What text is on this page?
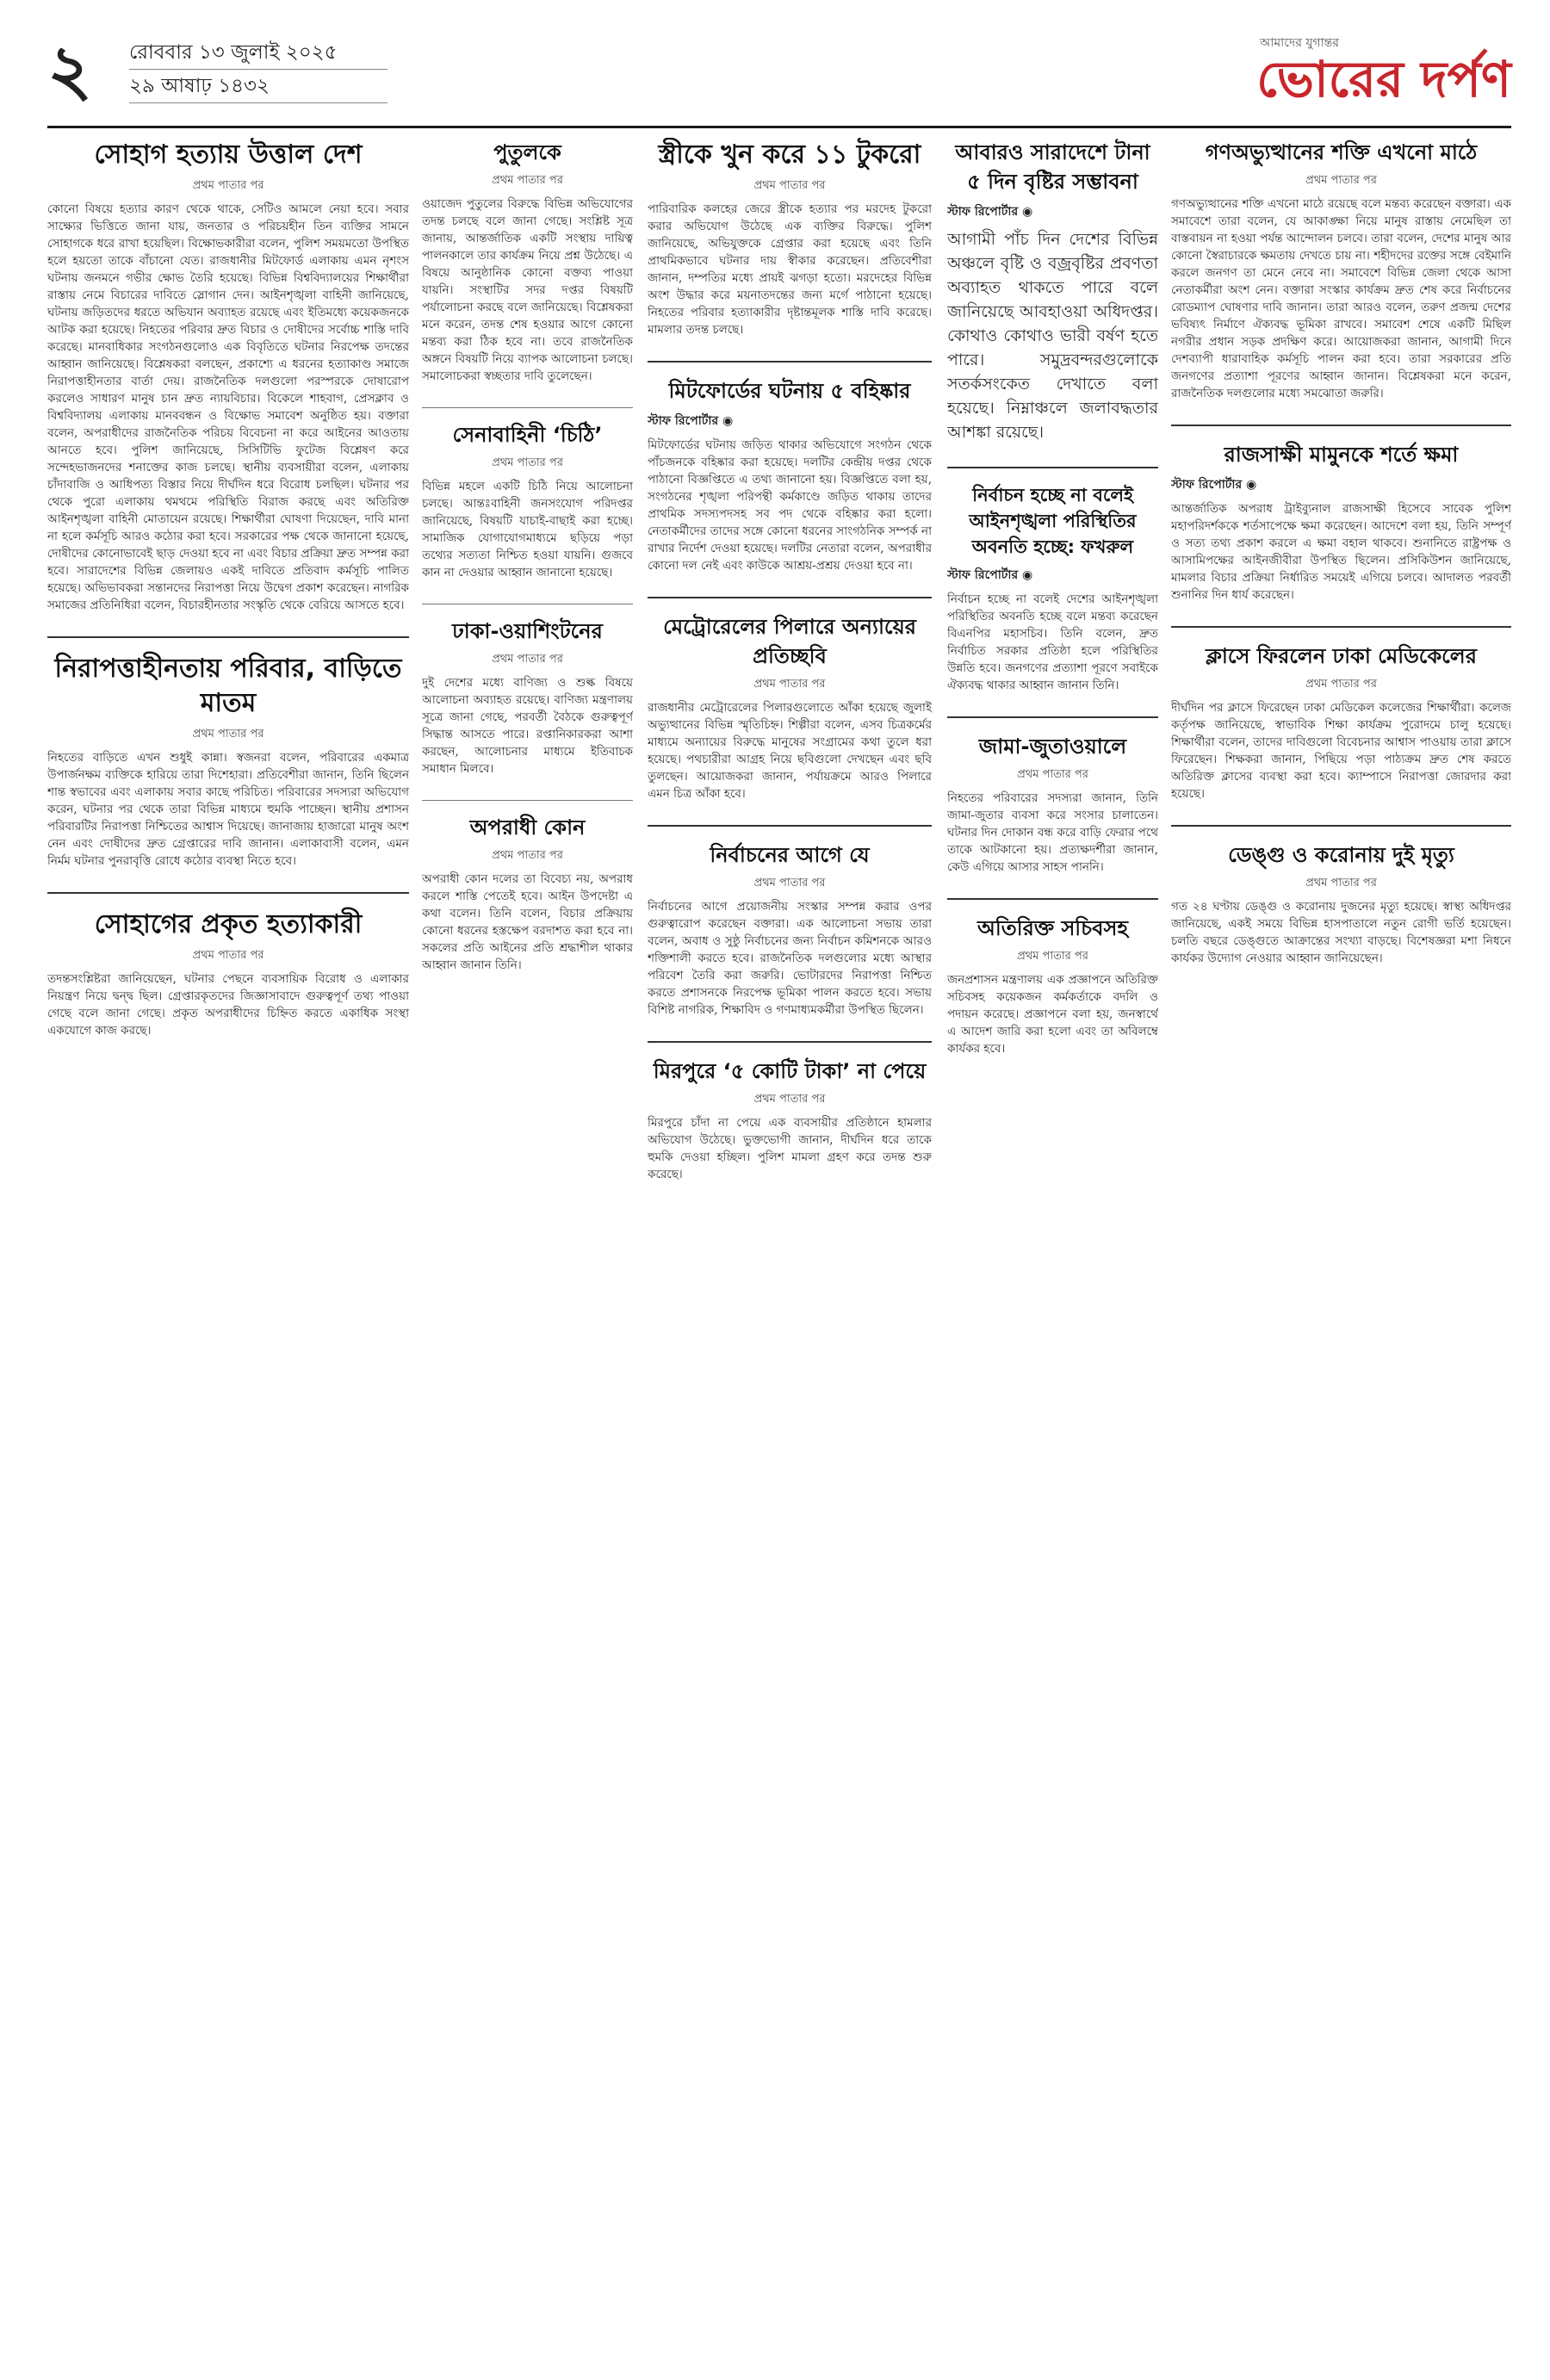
২	রোববার ১৩ জুলাই ২০২৫
২৯ আষাঢ় ১৪৩২
আমাদের যুগান্তর
ভোরের দর্পণ
সোহাগ হত্যায় উত্তাল দেশ
প্রথম পাতার পর

কোনো বিষয়ে হত্যার কারণ থেকে থাকে, সেটিও আমলে নেয়া হবে। সবার সাক্ষ্যের ভিত্তিতে জানা যায়, জনতার ও পরিচয়হীন তিন ব্যক্তির সামনে সোহাগকে ধরে রাখা হয়েছিল। বিক্ষোভকারীরা বলেন, পুলিশ সময়মতো উপস্থিত হলে হয়তো তাকে বাঁচানো যেত। রাজধানীর মিটফোর্ড এলাকায় এমন নৃশংস ঘটনায় জনমনে গভীর ক্ষোভ তৈরি হয়েছে। বিভিন্ন বিশ্ববিদ্যালয়ের শিক্ষার্থীরা রাস্তায় নেমে বিচারের দাবিতে স্লোগান দেন। আইনশৃঙ্খলা বাহিনী জানিয়েছে, ঘটনায় জড়িতদের ধরতে অভিযান অব্যাহত রয়েছে এবং ইতিমধ্যে কয়েকজনকে আটক করা হয়েছে। নিহতের পরিবার দ্রুত বিচার ও দোষীদের সর্বোচ্চ শাস্তি দাবি করেছে। মানবাধিকার সংগঠনগুলোও এক বিবৃতিতে ঘটনার নিরপেক্ষ তদন্তের আহ্বান জানিয়েছে। বিশ্লেষকরা বলছেন, প্রকাশ্যে এ ধরনের হত্যাকাণ্ড সমাজে নিরাপত্তাহীনতার বার্তা দেয়। রাজনৈতিক দলগুলো পরস্পরকে দোষারোপ করলেও সাধারণ মানুষ চান দ্রুত ন্যায়বিচার। বিকেলে শাহবাগ, প্রেসক্লাব ও বিশ্ববিদ্যালয় এলাকায় মানববন্ধন ও বিক্ষোভ সমাবেশ অনুষ্ঠিত হয়। বক্তারা বলেন, অপরাধীদের রাজনৈতিক পরিচয় বিবেচনা না করে আইনের আওতায় আনতে হবে। পুলিশ জানিয়েছে, সিসিটিভি ফুটেজ বিশ্লেষণ করে সন্দেহভাজনদের শনাক্তের কাজ চলছে। স্থানীয় ব্যবসায়ীরা বলেন, এলাকায় চাঁদাবাজি ও আধিপত্য বিস্তার নিয়ে দীর্ঘদিন ধরে বিরোধ চলছিল। ঘটনার পর থেকে পুরো এলাকায় থমথমে পরিস্থিতি বিরাজ করছে এবং অতিরিক্ত আইনশৃঙ্খলা বাহিনী মোতায়েন রয়েছে। শিক্ষার্থীরা ঘোষণা দিয়েছেন, দাবি মানা না হলে কর্মসূচি আরও কঠোর করা হবে। সরকারের পক্ষ থেকে জানানো হয়েছে, দোষীদের কোনোভাবেই ছাড় দেওয়া হবে না এবং বিচার প্রক্রিয়া দ্রুত সম্পন্ন করা হবে। সারাদেশের বিভিন্ন জেলায়ও একই দাবিতে প্রতিবাদ কর্মসূচি পালিত হয়েছে। অভিভাবকরা সন্তানদের নিরাপত্তা নিয়ে উদ্বেগ প্রকাশ করেছেন। নাগরিক সমাজের প্রতিনিধিরা বলেন, বিচারহীনতার সংস্কৃতি থেকে বেরিয়ে আসতে হবে।

নিরাপত্তাহীনতায় পরিবার, বাড়িতে মাতম
প্রথম পাতার পর

নিহতের বাড়িতে এখন শুধুই কান্না। স্বজনরা বলেন, পরিবারের একমাত্র উপার্জনক্ষম ব্যক্তিকে হারিয়ে তারা দিশেহারা। প্রতিবেশীরা জানান, তিনি ছিলেন শান্ত স্বভাবের এবং এলাকায় সবার কাছে পরিচিত। পরিবারের সদস্যরা অভিযোগ করেন, ঘটনার পর থেকে তারা বিভিন্ন মাধ্যমে হুমকি পাচ্ছেন। স্থানীয় প্রশাসন পরিবারটির নিরাপত্তা নিশ্চিতের আশ্বাস দিয়েছে। জানাজায় হাজারো মানুষ অংশ নেন এবং দোষীদের দ্রুত গ্রেপ্তারের দাবি জানান। এলাকাবাসী বলেন, এমন নির্মম ঘটনার পুনরাবৃত্তি রোধে কঠোর ব্যবস্থা নিতে হবে।

সোহাগের প্রকৃত হত্যাকারী
প্রথম পাতার পর

তদন্তসংশ্লিষ্টরা জানিয়েছেন, ঘটনার পেছনে ব্যবসায়িক বিরোধ ও এলাকার নিয়ন্ত্রণ নিয়ে দ্বন্দ্ব ছিল। গ্রেপ্তারকৃতদের জিজ্ঞাসাবাদে গুরুত্বপূর্ণ তথ্য পাওয়া গেছে বলে জানা গেছে। প্রকৃত অপরাধীদের চিহ্নিত করতে একাধিক সংস্থা একযোগে কাজ করছে।

পুতুলকে
প্রথম পাতার পর

ওয়াজেদ পুতুলের বিরুদ্ধে বিভিন্ন অভিযোগের তদন্ত চলছে বলে জানা গেছে। সংশ্লিষ্ট সূত্র জানায়, আন্তর্জাতিক একটি সংস্থায় দায়িত্ব পালনকালে তার কার্যক্রম নিয়ে প্রশ্ন উঠেছে। এ বিষয়ে আনুষ্ঠানিক কোনো বক্তব্য পাওয়া যায়নি। সংস্থাটির সদর দপ্তর বিষয়টি পর্যালোচনা করছে বলে জানিয়েছে। বিশ্লেষকরা মনে করেন, তদন্ত শেষ হওয়ার আগে কোনো মন্তব্য করা ঠিক হবে না। তবে রাজনৈতিক অঙ্গনে বিষয়টি নিয়ে ব্যাপক আলোচনা চলছে। সমালোচকরা স্বচ্ছতার দাবি তুলেছেন।

সেনাবাহিনী ‘চিঠি’
প্রথম পাতার পর

বিভিন্ন মহলে একটি চিঠি নিয়ে আলোচনা চলছে। আন্তঃবাহিনী জনসংযোগ পরিদপ্তর জানিয়েছে, বিষয়টি যাচাই-বাছাই করা হচ্ছে। সামাজিক যোগাযোগমাধ্যমে ছড়িয়ে পড়া তথ্যের সত্যতা নিশ্চিত হওয়া যায়নি। গুজবে কান না দেওয়ার আহ্বান জানানো হয়েছে।

ঢাকা-ওয়াশিংটনের
প্রথম পাতার পর

দুই দেশের মধ্যে বাণিজ্য ও শুল্ক বিষয়ে আলোচনা অব্যাহত রয়েছে। বাণিজ্য মন্ত্রণালয় সূত্রে জানা গেছে, পরবর্তী বৈঠকে গুরুত্বপূর্ণ সিদ্ধান্ত আসতে পারে। রপ্তানিকারকরা আশা করছেন, আলোচনার মাধ্যমে ইতিবাচক সমাধান মিলবে।

অপরাধী কোন
প্রথম পাতার পর

অপরাধী কোন দলের তা বিবেচ্য নয়, অপরাধ করলে শাস্তি পেতেই হবে। আইন উপদেষ্টা এ কথা বলেন। তিনি বলেন, বিচার প্রক্রিয়ায় কোনো ধরনের হস্তক্ষেপ বরদাশত করা হবে না। সকলের প্রতি আইনের প্রতি শ্রদ্ধাশীল থাকার আহ্বান জানান তিনি।

স্ত্রীকে খুন করে ১১ টুকরো
প্রথম পাতার পর

পারিবারিক কলহের জেরে স্ত্রীকে হত্যার পর মরদেহ টুকরো করার অভিযোগ উঠেছে এক ব্যক্তির বিরুদ্ধে। পুলিশ জানিয়েছে, অভিযুক্তকে গ্রেপ্তার করা হয়েছে এবং তিনি প্রাথমিকভাবে ঘটনার দায় স্বীকার করেছেন। প্রতিবেশীরা জানান, দম্পতির মধ্যে প্রায়ই ঝগড়া হতো। মরদেহের বিভিন্ন অংশ উদ্ধার করে ময়নাতদন্তের জন্য মর্গে পাঠানো হয়েছে। নিহতের পরিবার হত্যাকারীর দৃষ্টান্তমূলক শাস্তি দাবি করেছে। মামলার তদন্ত চলছে।

মিটফোর্ডের ঘটনায় ৫ বহিষ্কার
স্টাফ রিপোর্টার ◉

মিটফোর্ডের ঘটনায় জড়িত থাকার অভিযোগে সংগঠন থেকে পাঁচজনকে বহিষ্কার করা হয়েছে। দলটির কেন্দ্রীয় দপ্তর থেকে পাঠানো বিজ্ঞপ্তিতে এ তথ্য জানানো হয়। বিজ্ঞপ্তিতে বলা হয়, সংগঠনের শৃঙ্খলা পরিপন্থী কর্মকাণ্ডে জড়িত থাকায় তাদের প্রাথমিক সদস্যপদসহ সব পদ থেকে বহিষ্কার করা হলো। নেতাকর্মীদের তাদের সঙ্গে কোনো ধরনের সাংগঠনিক সম্পর্ক না রাখার নির্দেশ দেওয়া হয়েছে। দলটির নেতারা বলেন, অপরাধীর কোনো দল নেই এবং কাউকে আশ্রয়-প্রশ্রয় দেওয়া হবে না।

মেট্রোরেলের পিলারে অন্যায়ের প্রতিচ্ছবি
প্রথম পাতার পর

রাজধানীর মেট্রোরেলের পিলারগুলোতে আঁকা হয়েছে জুলাই অভ্যুত্থানের বিভিন্ন স্মৃতিচিহ্ন। শিল্পীরা বলেন, এসব চিত্রকর্মের মাধ্যমে অন্যায়ের বিরুদ্ধে মানুষের সংগ্রামের কথা তুলে ধরা হয়েছে। পথচারীরা আগ্রহ নিয়ে ছবিগুলো দেখছেন এবং ছবি তুলছেন। আয়োজকরা জানান, পর্যায়ক্রমে আরও পিলারে এমন চিত্র আঁকা হবে।

নির্বাচনের আগে যে
প্রথম পাতার পর

নির্বাচনের আগে প্রয়োজনীয় সংস্কার সম্পন্ন করার ওপর গুরুত্বারোপ করেছেন বক্তারা। এক আলোচনা সভায় তারা বলেন, অবাধ ও সুষ্ঠু নির্বাচনের জন্য নির্বাচন কমিশনকে আরও শক্তিশালী করতে হবে। রাজনৈতিক দলগুলোর মধ্যে আস্থার পরিবেশ তৈরি করা জরুরি। ভোটারদের নিরাপত্তা নিশ্চিত করতে প্রশাসনকে নিরপেক্ষ ভূমিকা পালন করতে হবে। সভায় বিশিষ্ট নাগরিক, শিক্ষাবিদ ও গণমাধ্যমকর্মীরা উপস্থিত ছিলেন।

মিরপুরে ‘৫ কোটি টাকা’ না পেয়ে
প্রথম পাতার পর

মিরপুরে চাঁদা না পেয়ে এক ব্যবসায়ীর প্রতিষ্ঠানে হামলার অভিযোগ উঠেছে। ভুক্তভোগী জানান, দীর্ঘদিন ধরে তাকে হুমকি দেওয়া হচ্ছিল। পুলিশ মামলা গ্রহণ করে তদন্ত শুরু করেছে।

আবারও সারাদেশে টানা ৫ দিন বৃষ্টির সম্ভাবনা
স্টাফ রিপোর্টার ◉

আগামী পাঁচ দিন দেশের বিভিন্ন অঞ্চলে বৃষ্টি ও বজ্রবৃষ্টির প্রবণতা অব্যাহত থাকতে পারে বলে জানিয়েছে আবহাওয়া অধিদপ্তর। কোথাও কোথাও ভারী বর্ষণ হতে পারে। সমুদ্রবন্দরগুলোকে সতর্কসংকেত দেখাতে বলা হয়েছে। নিম্নাঞ্চলে জলাবদ্ধতার আশঙ্কা রয়েছে।

নির্বাচন হচ্ছে না বলেই আইনশৃঙ্খলা পরিস্থিতির অবনতি হচ্ছে: ফখরুল
স্টাফ রিপোর্টার ◉

নির্বাচন হচ্ছে না বলেই দেশের আইনশৃঙ্খলা পরিস্থিতির অবনতি হচ্ছে বলে মন্তব্য করেছেন বিএনপির মহাসচিব। তিনি বলেন, দ্রুত নির্বাচিত সরকার প্রতিষ্ঠা হলে পরিস্থিতির উন্নতি হবে। জনগণের প্রত্যাশা পূরণে সবাইকে ঐক্যবদ্ধ থাকার আহ্বান জানান তিনি।

জামা-জুতাওয়ালে
প্রথম পাতার পর

নিহতের পরিবারের সদস্যরা জানান, তিনি জামা-জুতার ব্যবসা করে সংসার চালাতেন। ঘটনার দিন দোকান বন্ধ করে বাড়ি ফেরার পথে তাকে আটকানো হয়। প্রত্যক্ষদর্শীরা জানান, কেউ এগিয়ে আসার সাহস পাননি।

অতিরিক্ত সচিবসহ
প্রথম পাতার পর

জনপ্রশাসন মন্ত্রণালয় এক প্রজ্ঞাপনে অতিরিক্ত সচিবসহ কয়েকজন কর্মকর্তাকে বদলি ও পদায়ন করেছে। প্রজ্ঞাপনে বলা হয়, জনস্বার্থে এ আদেশ জারি করা হলো এবং তা অবিলম্বে কার্যকর হবে।

গণঅভ্যুত্থানের শক্তি এখনো মাঠে
প্রথম পাতার পর

গণঅভ্যুত্থানের শক্তি এখনো মাঠে রয়েছে বলে মন্তব্য করেছেন বক্তারা। এক সমাবেশে তারা বলেন, যে আকাঙ্ক্ষা নিয়ে মানুষ রাস্তায় নেমেছিল তা বাস্তবায়ন না হওয়া পর্যন্ত আন্দোলন চলবে। তারা বলেন, দেশের মানুষ আর কোনো স্বৈরাচারকে ক্ষমতায় দেখতে চায় না। শহীদদের রক্তের সঙ্গে বেইমানি করলে জনগণ তা মেনে নেবে না। সমাবেশে বিভিন্ন জেলা থেকে আসা নেতাকর্মীরা অংশ নেন। বক্তারা সংস্কার কার্যক্রম দ্রুত শেষ করে নির্বাচনের রোডম্যাপ ঘোষণার দাবি জানান। তারা আরও বলেন, তরুণ প্রজন্ম দেশের ভবিষ্যৎ নির্মাণে ঐক্যবদ্ধ ভূমিকা রাখবে। সমাবেশ শেষে একটি মিছিল নগরীর প্রধান সড়ক প্রদক্ষিণ করে। আয়োজকরা জানান, আগামী দিনে দেশব্যাপী ধারাবাহিক কর্মসূচি পালন করা হবে। তারা সরকারের প্রতি জনগণের প্রত্যাশা পূরণের আহ্বান জানান। বিশ্লেষকরা মনে করেন, রাজনৈতিক দলগুলোর মধ্যে সমঝোতা জরুরি।

রাজসাক্ষী মামুনকে শর্তে ক্ষমা
স্টাফ রিপোর্টার ◉

আন্তর্জাতিক অপরাধ ট্রাইব্যুনাল রাজসাক্ষী হিসেবে সাবেক পুলিশ মহাপরিদর্শককে শর্তসাপেক্ষে ক্ষমা করেছেন। আদেশে বলা হয়, তিনি সম্পূর্ণ ও সত্য তথ্য প্রকাশ করলে এ ক্ষমা বহাল থাকবে। শুনানিতে রাষ্ট্রপক্ষ ও আসামিপক্ষের আইনজীবীরা উপস্থিত ছিলেন। প্রসিকিউশন জানিয়েছে, মামলার বিচার প্রক্রিয়া নির্ধারিত সময়েই এগিয়ে চলবে। আদালত পরবর্তী শুনানির দিন ধার্য করেছেন।

ক্লাসে ফিরলেন ঢাকা মেডিকেলের
প্রথম পাতার পর

দীর্ঘদিন পর ক্লাসে ফিরেছেন ঢাকা মেডিকেল কলেজের শিক্ষার্থীরা। কলেজ কর্তৃপক্ষ জানিয়েছে, স্বাভাবিক শিক্ষা কার্যক্রম পুরোদমে চালু হয়েছে। শিক্ষার্থীরা বলেন, তাদের দাবিগুলো বিবেচনার আশ্বাস পাওয়ায় তারা ক্লাসে ফিরেছেন। শিক্ষকরা জানান, পিছিয়ে পড়া পাঠ্যক্রম দ্রুত শেষ করতে অতিরিক্ত ক্লাসের ব্যবস্থা করা হবে। ক্যাম্পাসে নিরাপত্তা জোরদার করা হয়েছে।

ডেঙ্গু ও করোনায় দুই মৃত্যু
প্রথম পাতার পর

গত ২৪ ঘণ্টায় ডেঙ্গু ও করোনায় দুজনের মৃত্যু হয়েছে। স্বাস্থ্য অধিদপ্তর জানিয়েছে, একই সময়ে বিভিন্ন হাসপাতালে নতুন রোগী ভর্তি হয়েছেন। চলতি বছরে ডেঙ্গুতে আক্রান্তের সংখ্যা বাড়ছে। বিশেষজ্ঞরা মশা নিধনে কার্যকর উদ্যোগ নেওয়ার আহ্বান জানিয়েছেন।
